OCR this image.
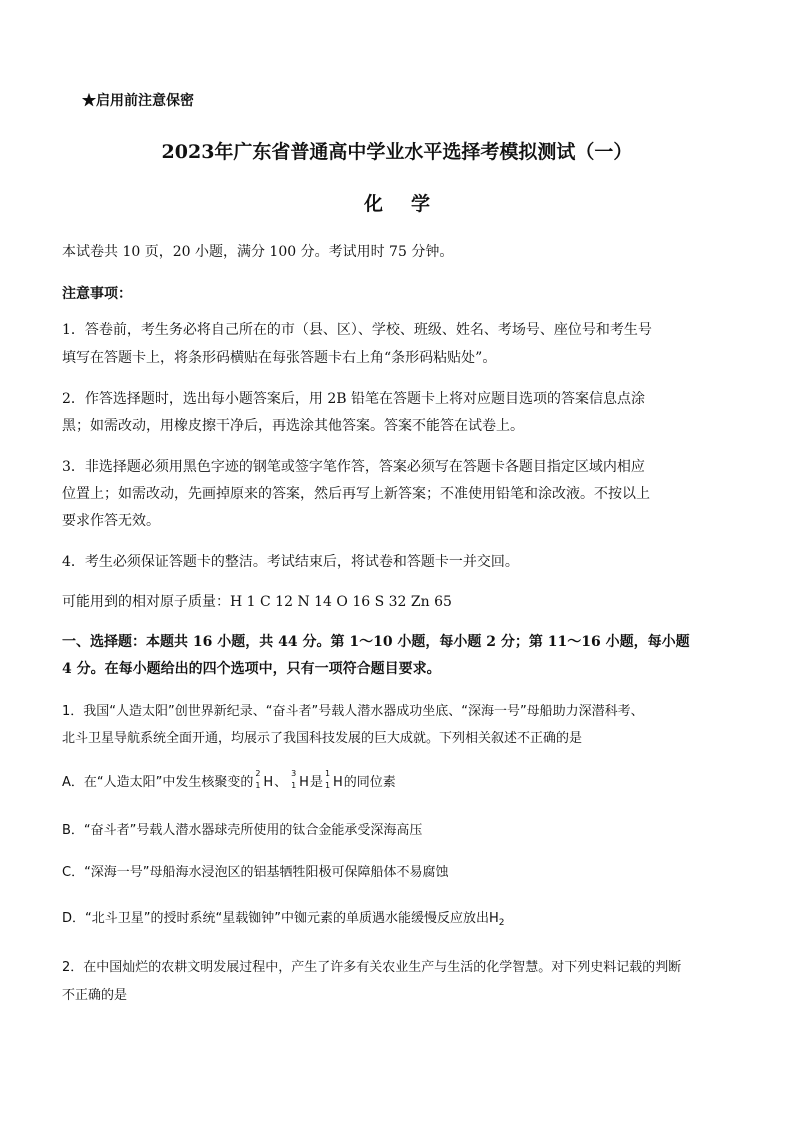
★启用前注意保密
2023年广东省普通高中学业水平选择考模拟测试（一）
化学
本试卷共 10 页，20 小题，满分 100 分。考试用时 75 分钟。
注意事项：
1．答卷前，考生务必将自己所在的市（县、区）、学校、班级、姓名、考场号、座位号和考生号
填写在答题卡上，将条形码横贴在每张答题卡右上角“条形码粘贴处”。
2．作答选择题时，选出每小题答案后，用 2B 铅笔在答题卡上将对应题目选项的答案信息点涂
黑；如需改动，用橡皮擦干净后，再选涂其他答案。答案不能答在试卷上。
3．非选择题必须用黑色字迹的钢笔或签字笔作答，答案必须写在答题卡各题目指定区域内相应
位置上；如需改动，先画掉原来的答案，然后再写上新答案；不准使用铅笔和涂改液。不按以上
要求作答无效。
4．考生必须保证答题卡的整洁。考试结束后，将试卷和答题卡一并交回。
可能用到的相对原子质量：H 1 C 12 N 14 O 16 S 32 Zn 65
一、选择题：本题共 16 小题，共 44 分。第 1～10 小题，每小题 2 分；第 11～16 小题，每小题
4 分。在每小题给出的四个选项中，只有一项符合题目要求。
1．我国“人造太阳”创世界新纪录、“奋斗者”号载人潜水器成功坐底、“深海一号”母船助力深潜科考、
北斗卫星导航系统全面开通，均展示了我国科技发展的巨大成就。下列相关叙述不正确的是
A．在“人造太阳”中发生核聚变的
2
1 H、
3
1 H是
1
1 H的同位素
B．“奋斗者”号载人潜水器球壳所使用的钛合金能承受深海高压
C．“深海一号”母船海水浸泡区的铝基牺牲阳极可保障船体不易腐蚀
D．“北斗卫星”的授时系统“星载铷钟”中铷元素的单质遇水能缓慢反应放出$H_2$
2．在中国灿烂的农耕文明发展过程中，产生了许多有关农业生产与生活的化学智慧。对下列史料记载的判断
不正确的是
